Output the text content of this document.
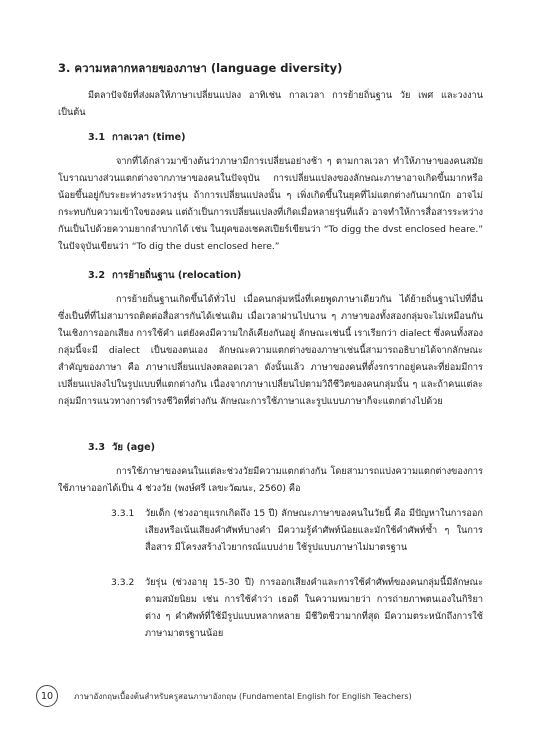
3. ความหลากหลายของภาษา (language diversity)

มีตลาปัจจัยที่ส่งผลให้ภาษาเปลี่ยนแปลง อาทิเช่น กาลเวลา การย้ายถิ่นฐาน วัย เพศ และวงงาน เป็นต้น

3.1 กาลเวลา (time)

จากที่ได้กล่าวมาข้างต้นว่าภาษามีการเปลี่ยนอย่างช้า ๆ ตามกาลเวลา ทำให้ภาษาของคนสมัยโบราณบางส่วนแตกต่างจากภาษาของคนในปัจจุบัน การเปลี่ยนแปลงของลักษณะภาษาอาจเกิดขึ้นมากหรือน้อยขึ้นอยู่กับระยะห่างระหว่างรุ่น ถ้าการเปลี่ยนแปลงนั้น ๆ เพิ่งเกิดขึ้นในยุคที่ไม่แตกต่างกันมากนัก อาจไม่กระทบกับความเข้าใจของคน แต่ถ้าเป็นการเปลี่ยนแปลงที่เกิดเมื่อหลายรุ่นที่แล้ว อาจทำให้การสื่อสารระหว่างกันเป็นไปด้วยความยากลำบากได้ เช่น ในยุคของเชคสเปียร์เขียนว่า “To digg the dvst enclosed heare.” ในปัจจุบันเขียนว่า “To dig the dust enclosed here.”

3.2 การย้ายถิ่นฐาน (relocation)

การย้ายถิ่นฐานเกิดขึ้นได้ทั่วไป เมื่อคนกลุ่มหนึ่งที่เคยพูดภาษาเดียวกัน ได้ย้ายถิ่นฐานไปที่อื่น ซึ่งเป็นที่ที่ไม่สามารถติดต่อสื่อสารกันได้เช่นเดิม เมื่อเวลาผ่านไปนาน ๆ ภาษาของทั้งสองกลุ่มจะไม่เหมือนกันในเชิงการออกเสียง การใช้คำ แต่ยังคงมีความใกล้เคียงกันอยู่ ลักษณะเช่นนี้ เราเรียกว่า dialect ซึ่งคนทั้งสองกลุ่มนี้จะมี dialect เป็นของตนเอง ลักษณะความแตกต่างของภาษาเช่นนี้สามารถอธิบายได้จากลักษณะสำคัญของภาษา คือ ภาษาเปลี่ยนแปลงตลอดเวลา ดังนั้นแล้ว ภาษาของคนที่ตั้งรกรากอยู่คนละที่ย่อมมีการเปลี่ยนแปลงไปในรูปแบบที่แตกต่างกัน เนื่องจากภาษาเปลี่ยนไปตามวิถีชีวิตของคนกลุ่มนั้น ๆ และถ้าคนแต่ละกลุ่มมีการแนวทางการดำรงชีวิตที่ต่างกัน ลักษณะการใช้ภาษาและรูปแบบภาษาก็จะแตกต่างไปด้วย

3.3 วัย (age)

การใช้ภาษาของคนในแต่ละช่วงวัยมีความแตกต่างกัน โดยสามารถแบ่งความแตกต่างของการใช้ภาษาออกได้เป็น 4 ช่วงวัย (พงษ์ศรี เลขะวัฒนะ, 2560) คือ

3.3.1 วัยเด็ก (ช่วงอายุแรกเกิดถึง 15 ปี) ลักษณะภาษาของคนในวัยนี้ คือ มีปัญหาในการออกเสียงหรือเน้นเสียงคำศัพท์บางคำ มีความรู้คำศัพท์น้อยและมักใช้คำศัพท์ซ้ำ ๆ ในการสื่อสาร มีโครงสร้างไวยากรณ์แบบง่าย ใช้รูปแบบภาษาไม่มาตรฐาน
3.3.2 วัยรุ่น (ช่วงอายุ 15-30 ปี) การออกเสียงคำและการใช้คำศัพท์ของคนกลุ่มนี้มีลักษณะตามสมัยนิยม เช่น การใช้คำว่า เธอดี ในความหมายว่า การถ่ายภาพตนเองในกิริยาต่าง ๆ คำศัพท์ที่ใช้มีรูปแบบหลากหลาย มีชีวิตชีวามากที่สุด มีความตระหนักถึงการใช้ภาษามาตรฐานน้อย
10	ภาษาอังกฤษเบื้องต้นสำหรับครูสอนภาษาอังกฤษ (Fundamental English for English Teachers)
